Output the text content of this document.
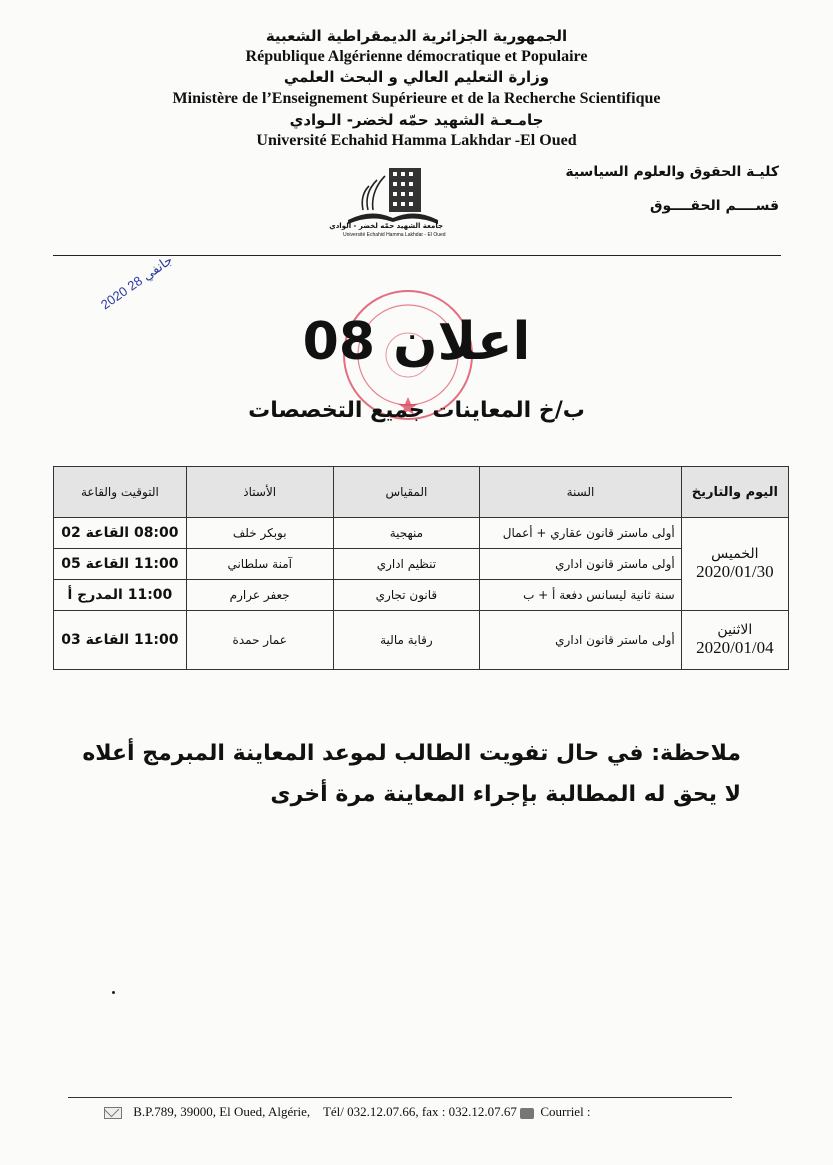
الجمهورية الجزائرية الديمقراطية الشعبية
République Algérienne démocratique et Populaire
وزارة التعليم العالي و البحث العلمي
Ministère de l’Enseignement Supérieure et de la Recherche Scientifique
جامـعـة الشهيد حمّه لخضر- الـوادي
Université Echahid Hamma Lakhdar -El Oued
كليـة الحقوق والعلوم السياسية
قســــم الحقــــوق
جامعة الشهيد حمّه لخضر - الوادي
Université Echahid Hamma Lakhdar - El Oued
2020 جانفي 28
اعلان 08
ب/خ المعاينات جميع التخصصات
اليوم والتاريخ	السنة	المقياس	الأستاذ	التوقيت والقاعة

الخميس
2020/01/30	أولى ماستر قانون عقاري + أعمال	منهجية	بوبكر خلف	08:00 القاعة 02
	أولى ماستر قانون اداري	تنظيم اداري	آمنة سلطاني	11:00 القاعة 05
	سنة ثانية ليسانس دفعة أ + ب	قانون تجاري	جعفر عرارم	11:00 المدرج أ

الاثنين
2020/01/04	أولى ماستر قانون اداري	رقابة مالية	عمار حمدة	11:00 القاعة 03
ملاحظة: في حال تفويت الطالب لموعد المعاينة المبرمج أعلاه لا يحق له المطالبة بإجراء المعاينة مرة أخرى
B.P.789, 39000, El Oued, Algérie, Tél/ 032.12.07.66, fax : 032.12.07.67 Courriel :
